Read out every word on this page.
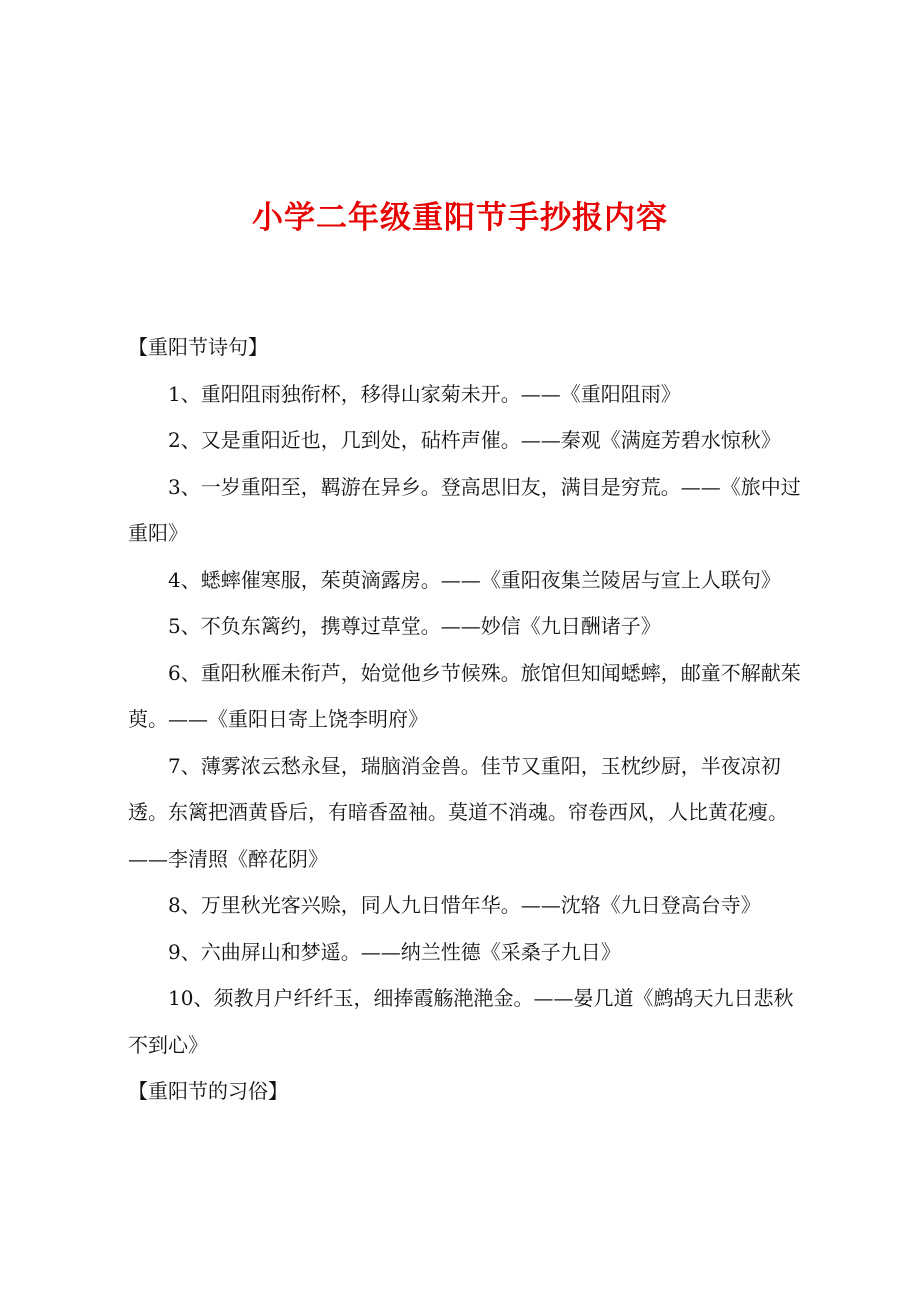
小学二年级重阳节手抄报内容

【重阳节诗句】

1、重阳阻雨独衔杯，移得山家菊未开。——《重阳阻雨》
2、又是重阳近也，几到处，砧杵声催。——秦观《满庭芳碧水惊秋》
3、一岁重阳至，羁游在异乡。登高思旧友，满目是穷荒。——《旅中过重阳》
4、蟋蟀催寒服，茱萸滴露房。——《重阳夜集兰陵居与宣上人联句》
5、不负东篱约，携尊过草堂。——妙信《九日酬诸子》
6、重阳秋雁未衔芦，始觉他乡节候殊。旅馆但知闻蟋蟀，邮童不解献茱萸。——《重阳日寄上饶李明府》
7、薄雾浓云愁永昼，瑞脑消金兽。佳节又重阳，玉枕纱厨，半夜凉初透。东篱把酒黄昏后，有暗香盈袖。莫道不消魂。帘卷西风，人比黄花瘦。——李清照《醉花阴》
8、万里秋光客兴赊，同人九日惜年华。——沈辂《九日登高台寺》
9、六曲屏山和梦遥。——纳兰性德《采桑子九日》
10、须教月户纤纤玉，细捧霞觞滟滟金。——晏几道《鹧鸪天九日悲秋不到心》

【重阳节的习俗】
